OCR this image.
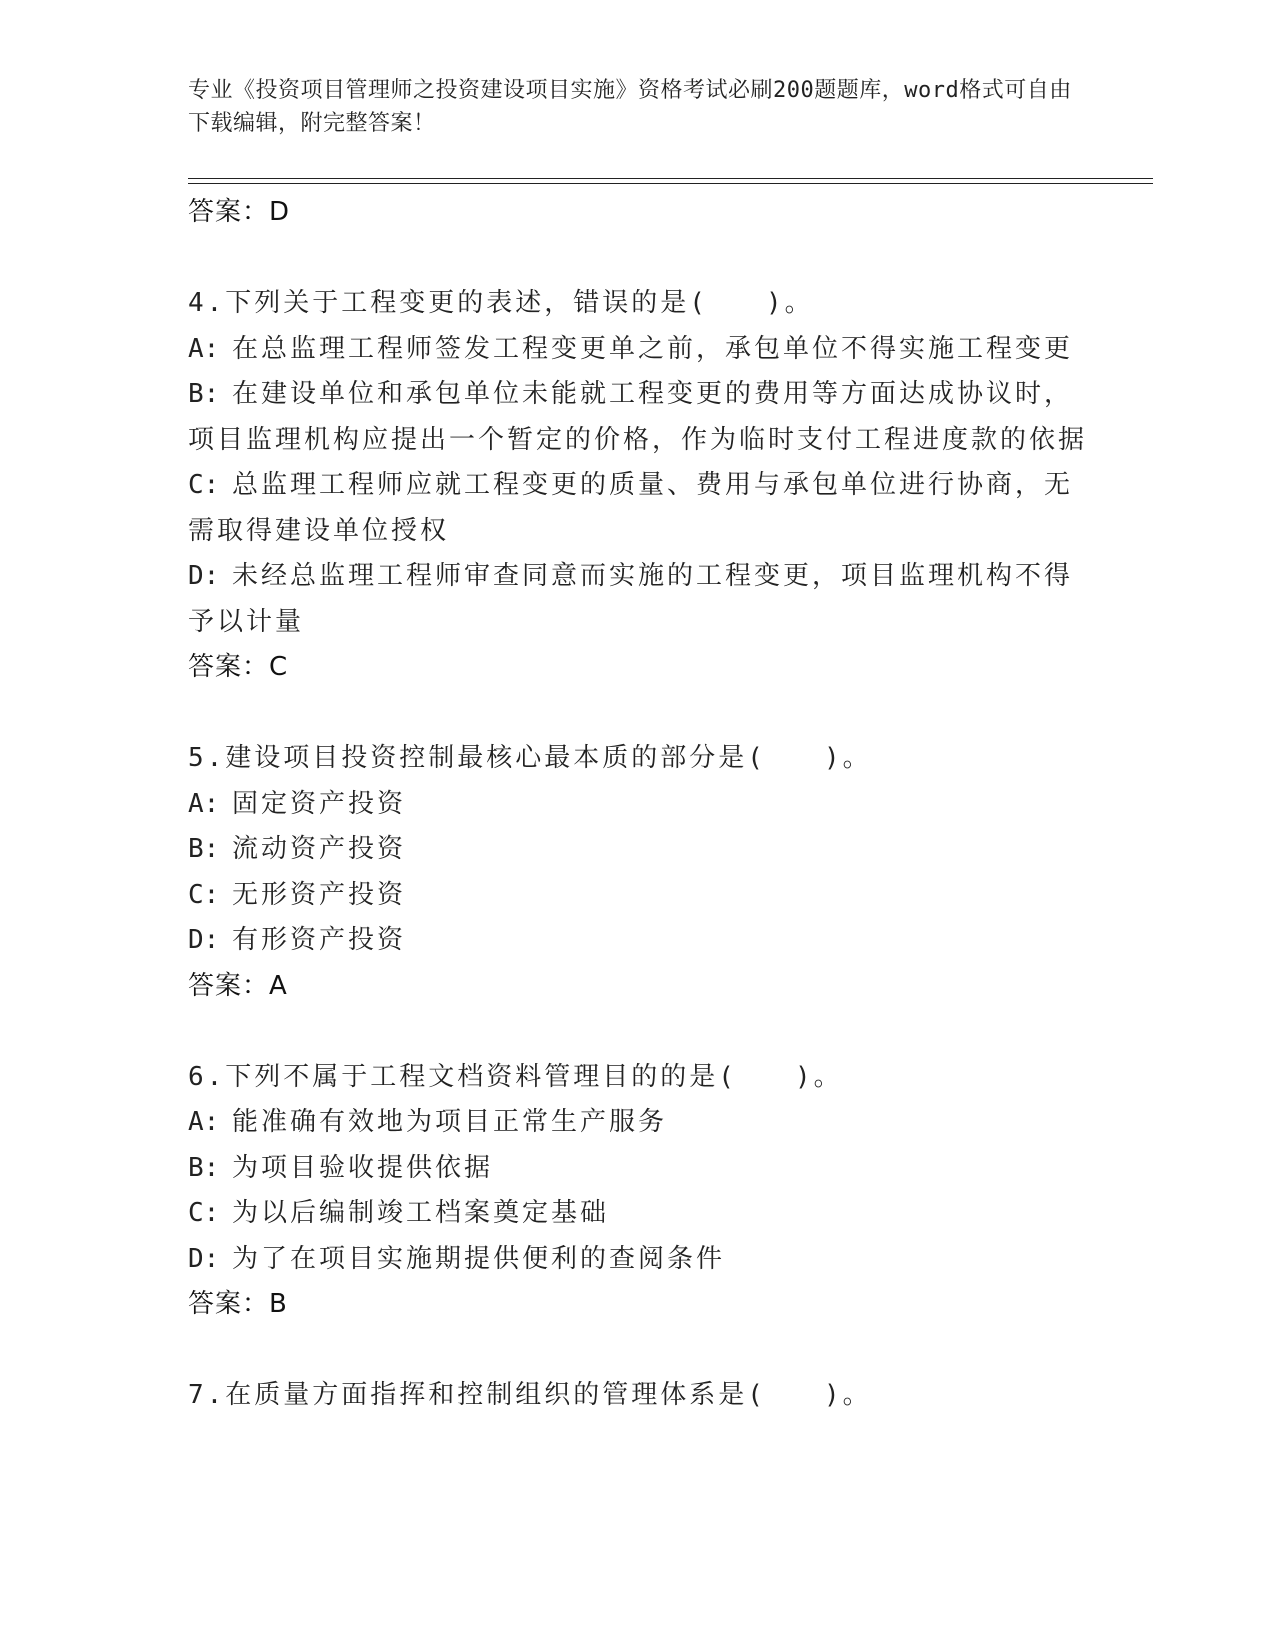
专业《投资项目管理师之投资建设项目实施》资格考试必刷200题题库，word格式可自由下载编辑，附完整答案！
答案：D
4.下列关于工程变更的表述，错误的是(　　)。
A: 在总监理工程师签发工程变更单之前，承包单位不得实施工程变更
B: 在建设单位和承包单位未能就工程变更的费用等方面达成协议时，项目监理机构应提出一个暂定的价格，作为临时支付工程进度款的依据
C: 总监理工程师应就工程变更的质量、费用与承包单位进行协商，无需取得建设单位授权
D: 未经总监理工程师审查同意而实施的工程变更，项目监理机构不得予以计量
答案：C
5.建设项目投资控制最核心最本质的部分是(　　)。
A: 固定资产投资
B: 流动资产投资
C: 无形资产投资
D: 有形资产投资
答案：A
6.下列不属于工程文档资料管理目的的是(　　)。
A: 能准确有效地为项目正常生产服务
B: 为项目验收提供依据
C: 为以后编制竣工档案奠定基础
D: 为了在项目实施期提供便利的查阅条件
答案：B
7.在质量方面指挥和控制组织的管理体系是(　　)。
